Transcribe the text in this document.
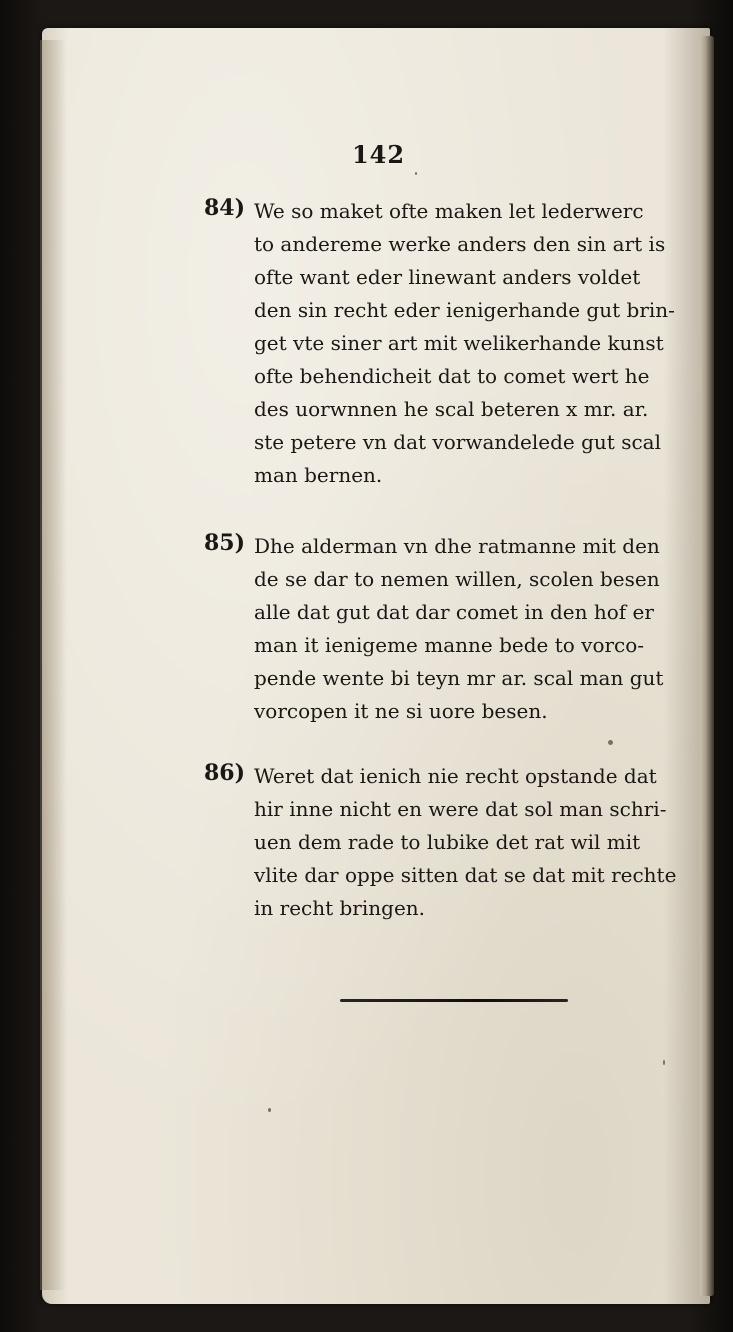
142
84) We so maket ofte maken let lederwerc
to andereme werke anders den sin art is
ofte want eder linewant anders voldet
den sin recht eder ienigerhande gut brin-
get vte siner art mit welikerhande kunst
ofte behendicheit dat to comet wert he
des uorwnnen he scal beteren x mr. ar.
ste petere vn dat vorwandelede gut scal
man bernen.
85) Dhe alderman vn dhe ratmanne mit den
de se dar to nemen willen, scolen besen
alle dat gut dat dar comet in den hof er
man it ienigeme manne bede to vorco-
pende wente bi teyn mr ar. scal man gut
vorcopen it ne si uore besen.
86) Weret dat ienich nie recht opstande dat
hir inne nicht en were dat sol man schri-
uen dem rade to lubike det rat wil mit
vlite dar oppe sitten dat se dat mit rechte
in recht bringen.
